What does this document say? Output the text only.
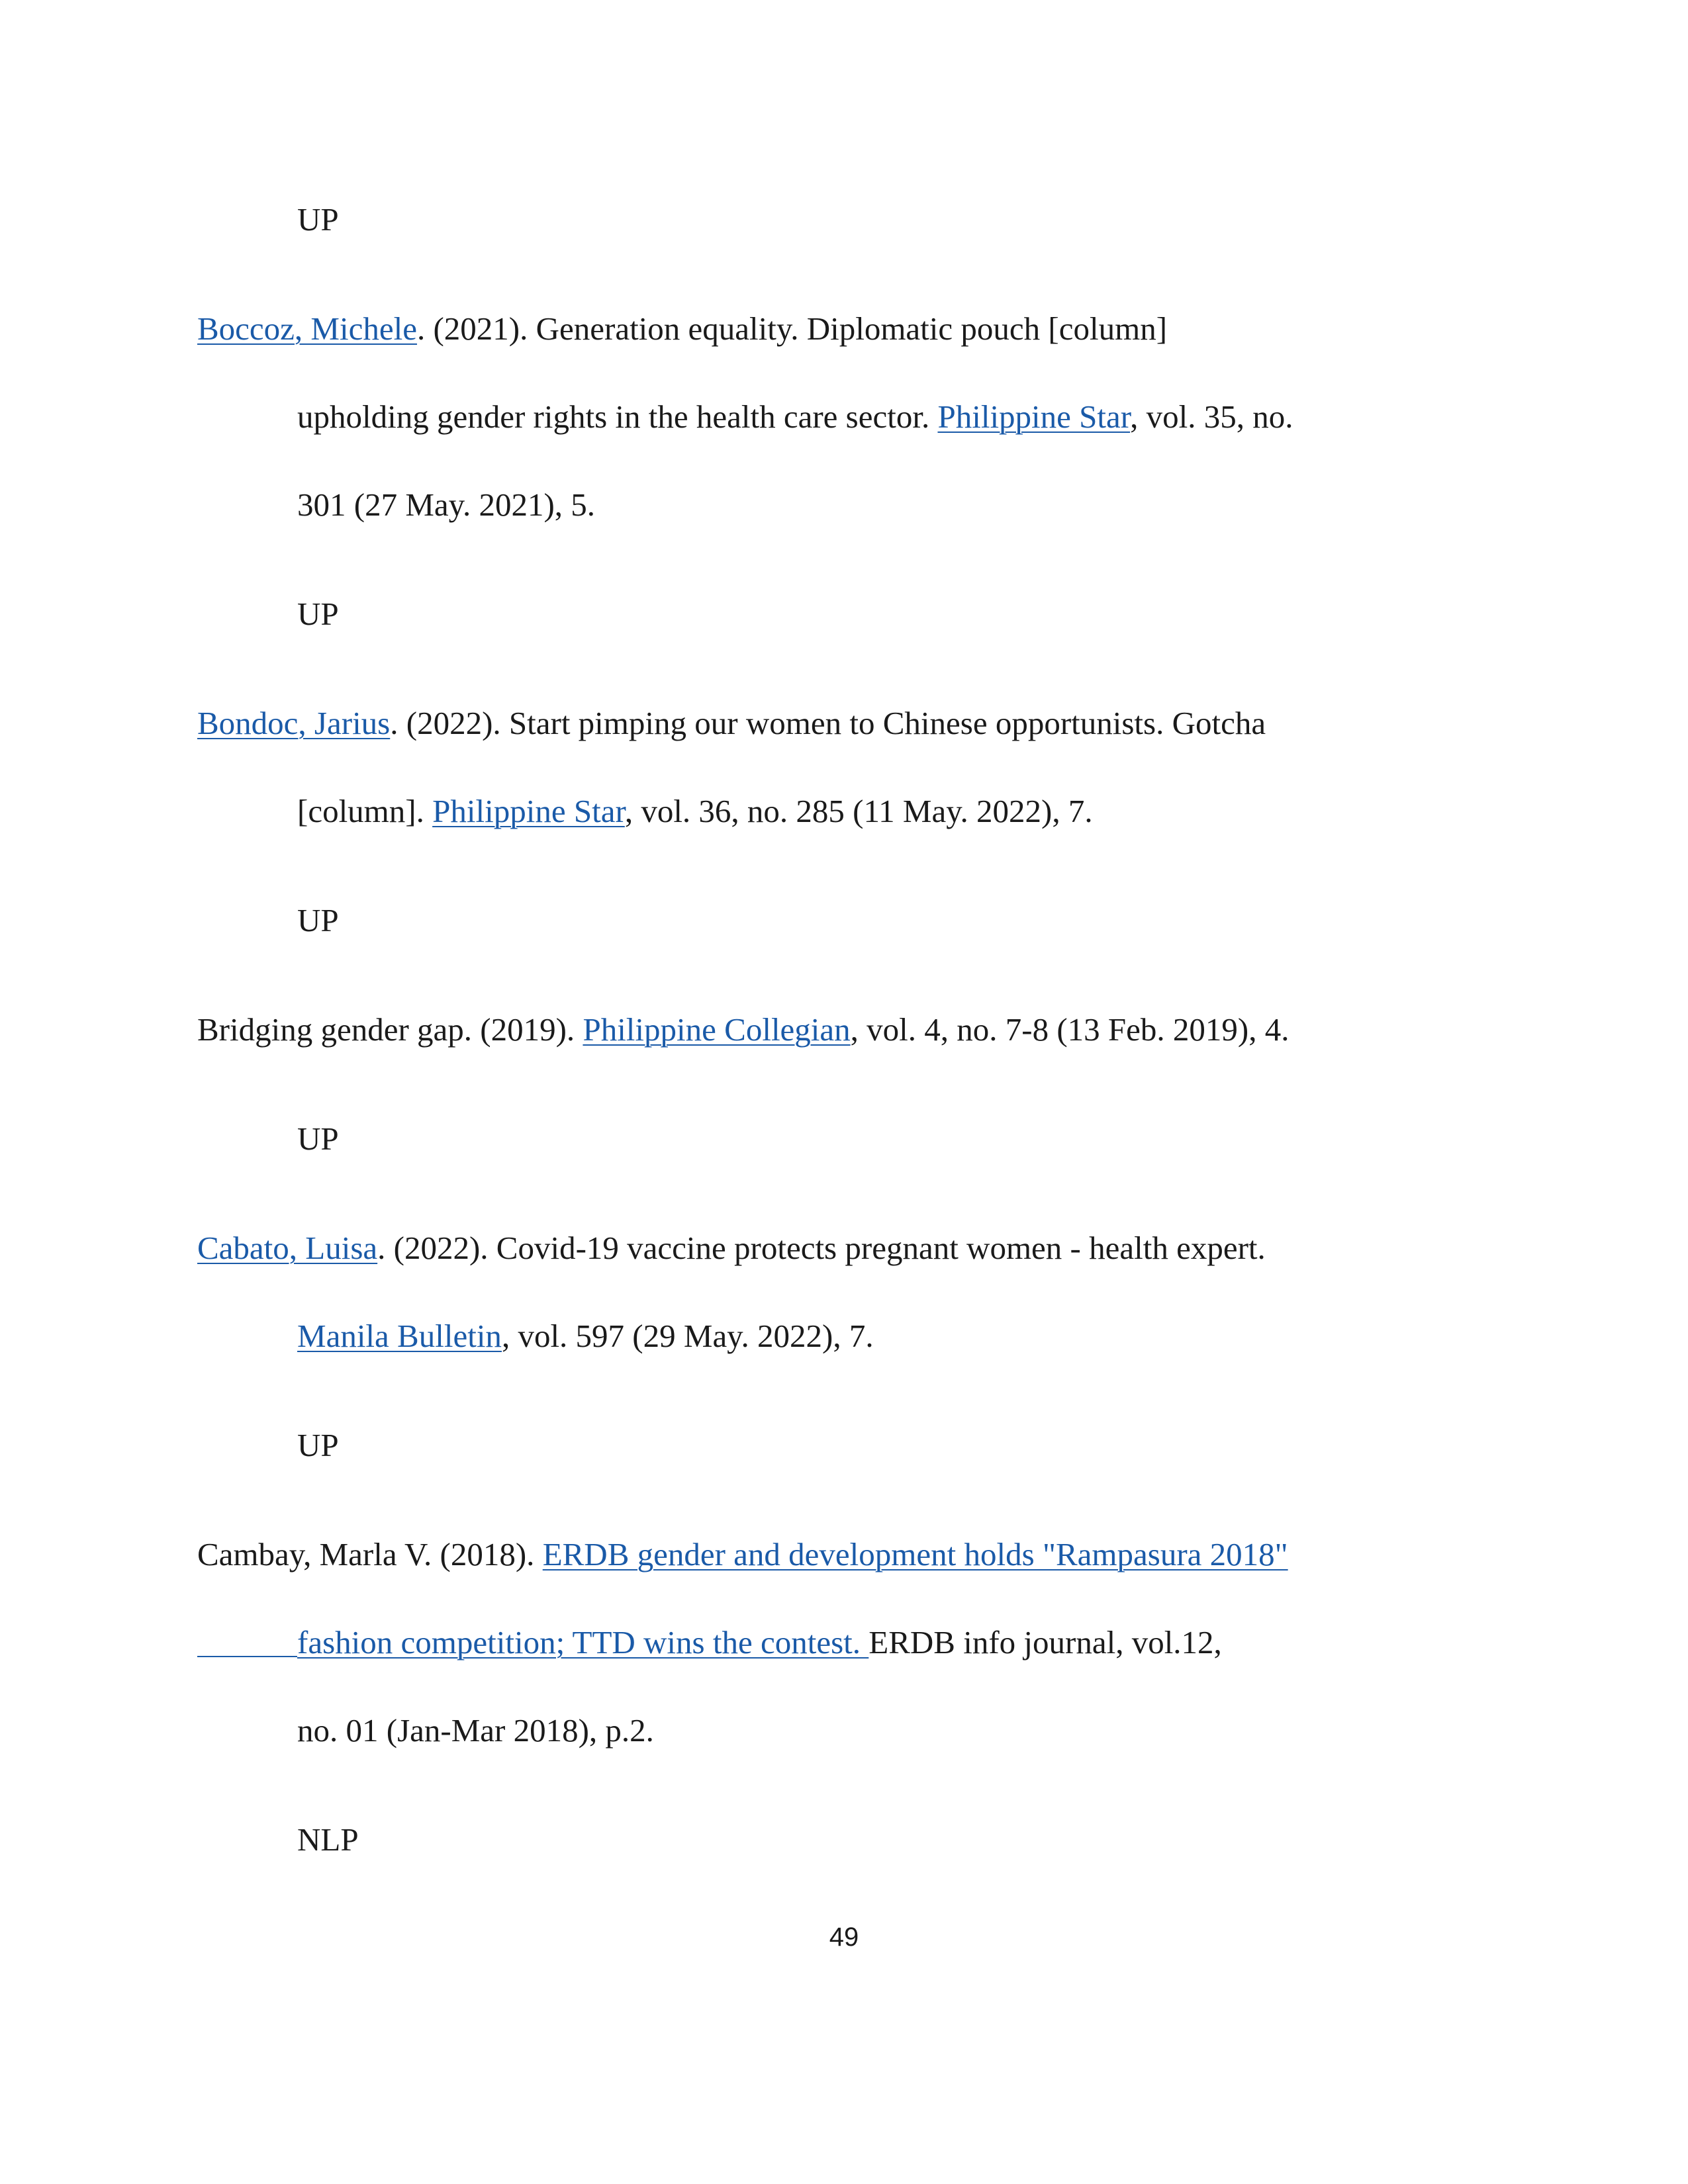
UP
Boccoz, Michele. (2021). Generation equality. Diplomatic pouch [column]
upholding gender rights in the health care sector. Philippine Star, vol. 35, no.
301 (27 May. 2021), 5.
UP
Bondoc, Jarius. (2022). Start pimping our women to Chinese opportunists. Gotcha
[column]. Philippine Star, vol. 36, no. 285 (11 May. 2022), 7.
UP
Bridging gender gap. (2019). Philippine Collegian, vol. 4, no. 7-8 (13 Feb. 2019), 4.
UP
Cabato, Luisa. (2022). Covid-19 vaccine protects pregnant women - health expert.
Manila Bulletin, vol. 597 (29 May. 2022), 7.
UP
Cambay, Marla V. (2018). ERDB gender and development holds "Rampasura 2018"
fashion competition; TTD wins the contest. ERDB info journal, vol.12,
no. 01 (Jan-Mar 2018), p.2.
NLP
49
